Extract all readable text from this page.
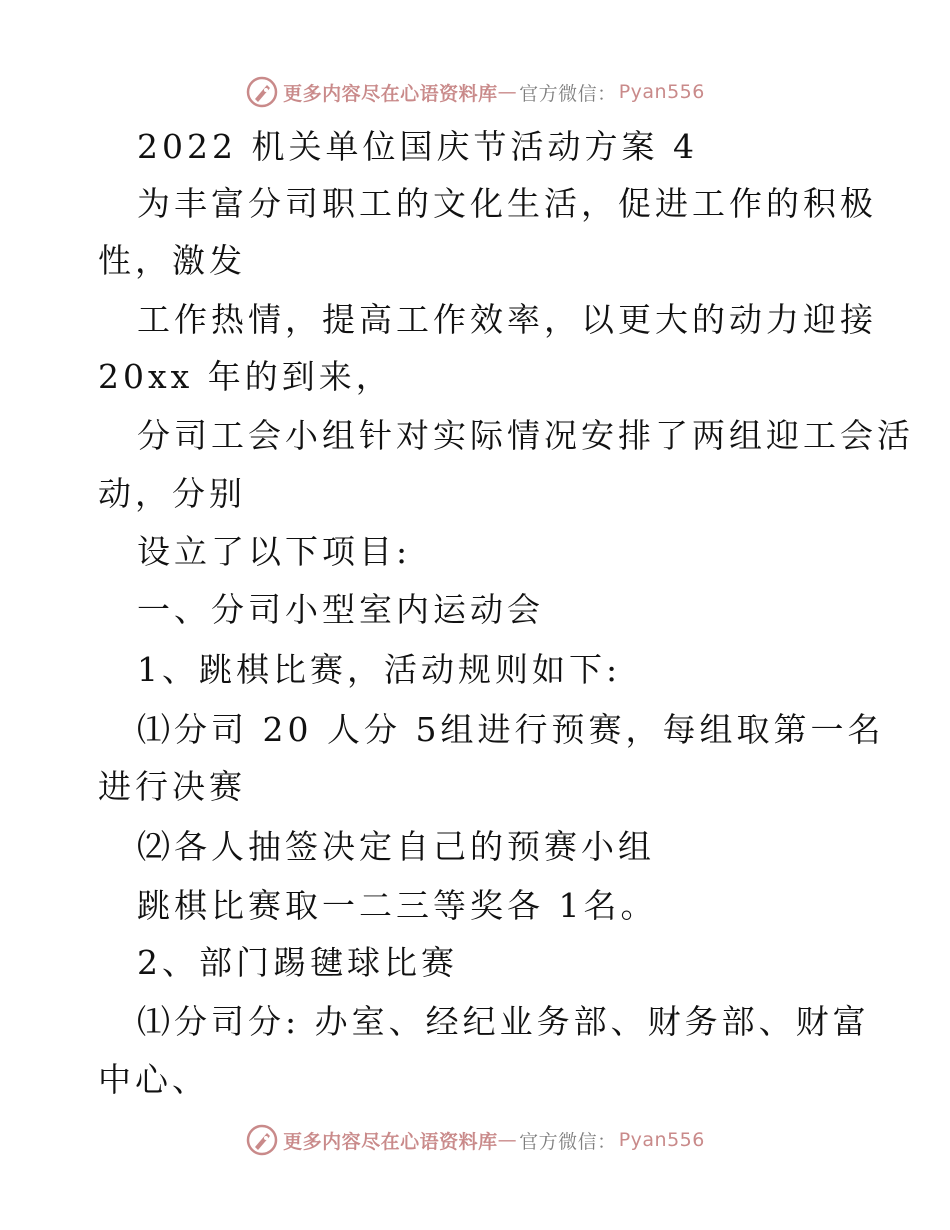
更多内容尽在心语资料库 — 官方微信： Pyan556
2022 机关单位国庆节活动方案 4
为丰富分司职工的文化生活，促进工作的积极
性，激发
工作热情，提高工作效率，以更大的动力迎接
20xx 年的到来，
分司工会小组针对实际情况安排了两组迎工会活
动，分别
设立了以下项目:
一、分司小型室内运动会
1、跳棋比赛，活动规则如下:
⑴分司 20 人分 5组进行预赛，每组取第一名
进行决赛
⑵各人抽签决定自己的预赛小组
跳棋比赛取一二三等奖各 1名。
2、部门踢毽球比赛
⑴分司分: 办室、经纪业务部、财务部、财富
中心、
更多内容尽在心语资料库 — 官方微信： Pyan556
